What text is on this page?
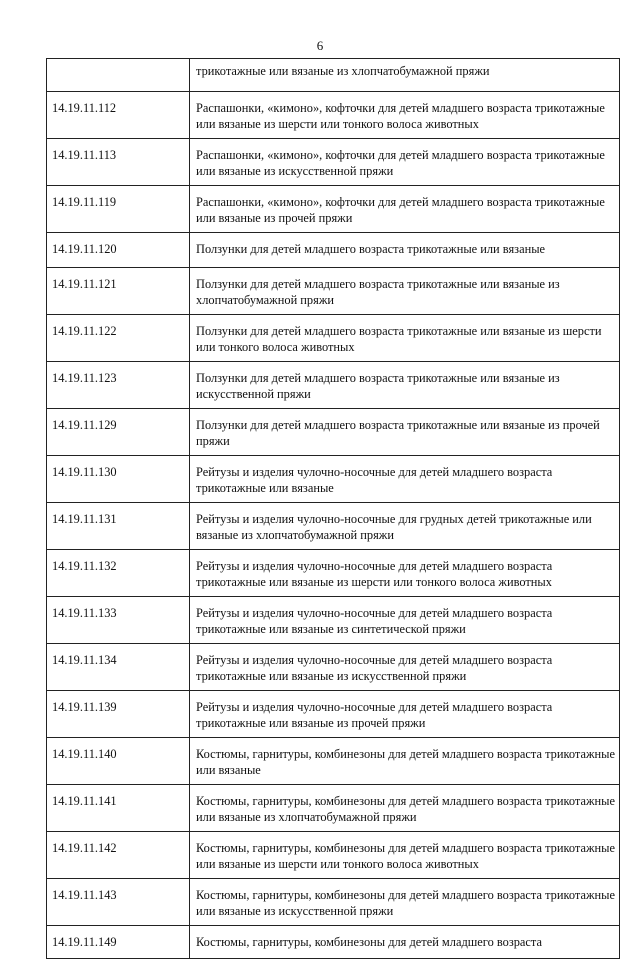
6
	трикотажные или вязаные из хлопчатобумажной пряжи
14.19.11.112	Распашонки, «кимоно», кофточки для детей младшего возраста трикотажные или вязаные из шерсти или тонкого волоса животных
14.19.11.113	Распашонки, «кимоно», кофточки для детей младшего возраста трикотажные или вязаные из искусственной пряжи
14.19.11.119	Распашонки, «кимоно», кофточки для детей младшего возраста трикотажные или вязаные из прочей пряжи
14.19.11.120	Ползунки для детей младшего возраста трикотажные или вязаные
14.19.11.121	Ползунки для детей младшего возраста трикотажные или вязаные из хлопчатобумажной пряжи
14.19.11.122	Ползунки для детей младшего возраста трикотажные или вязаные из шерсти или тонкого волоса животных
14.19.11.123	Ползунки для детей младшего возраста трикотажные или вязаные из искусственной пряжи
14.19.11.129	Ползунки для детей младшего возраста трикотажные или вязаные из прочей пряжи
14.19.11.130	Рейтузы и изделия чулочно-носочные для детей младшего возраста трикотажные или вязаные
14.19.11.131	Рейтузы и изделия чулочно-носочные для грудных детей трикотажные или вязаные из хлопчатобумажной пряжи
14.19.11.132	Рейтузы и изделия чулочно-носочные для детей младшего возраста трикотажные или вязаные из шерсти или тонкого волоса животных
14.19.11.133	Рейтузы и изделия чулочно-носочные для детей младшего возраста трикотажные или вязаные из синтетической пряжи
14.19.11.134	Рейтузы и изделия чулочно-носочные для детей младшего возраста трикотажные или вязаные из искусственной пряжи
14.19.11.139	Рейтузы и изделия чулочно-носочные для детей младшего возраста трикотажные или вязаные из прочей пряжи
14.19.11.140	Костюмы, гарнитуры, комбинезоны для детей младшего возраста трикотажные или вязаные
14.19.11.141	Костюмы, гарнитуры, комбинезоны для детей младшего возраста трикотажные или вязаные из хлопчатобумажной пряжи
14.19.11.142	Костюмы, гарнитуры, комбинезоны для детей младшего возраста трикотажные или вязаные из шерсти или тонкого волоса животных
14.19.11.143	Костюмы, гарнитуры, комбинезоны для детей младшего возраста трикотажные или вязаные из искусственной пряжи
14.19.11.149	Костюмы, гарнитуры, комбинезоны для детей младшего возраста
